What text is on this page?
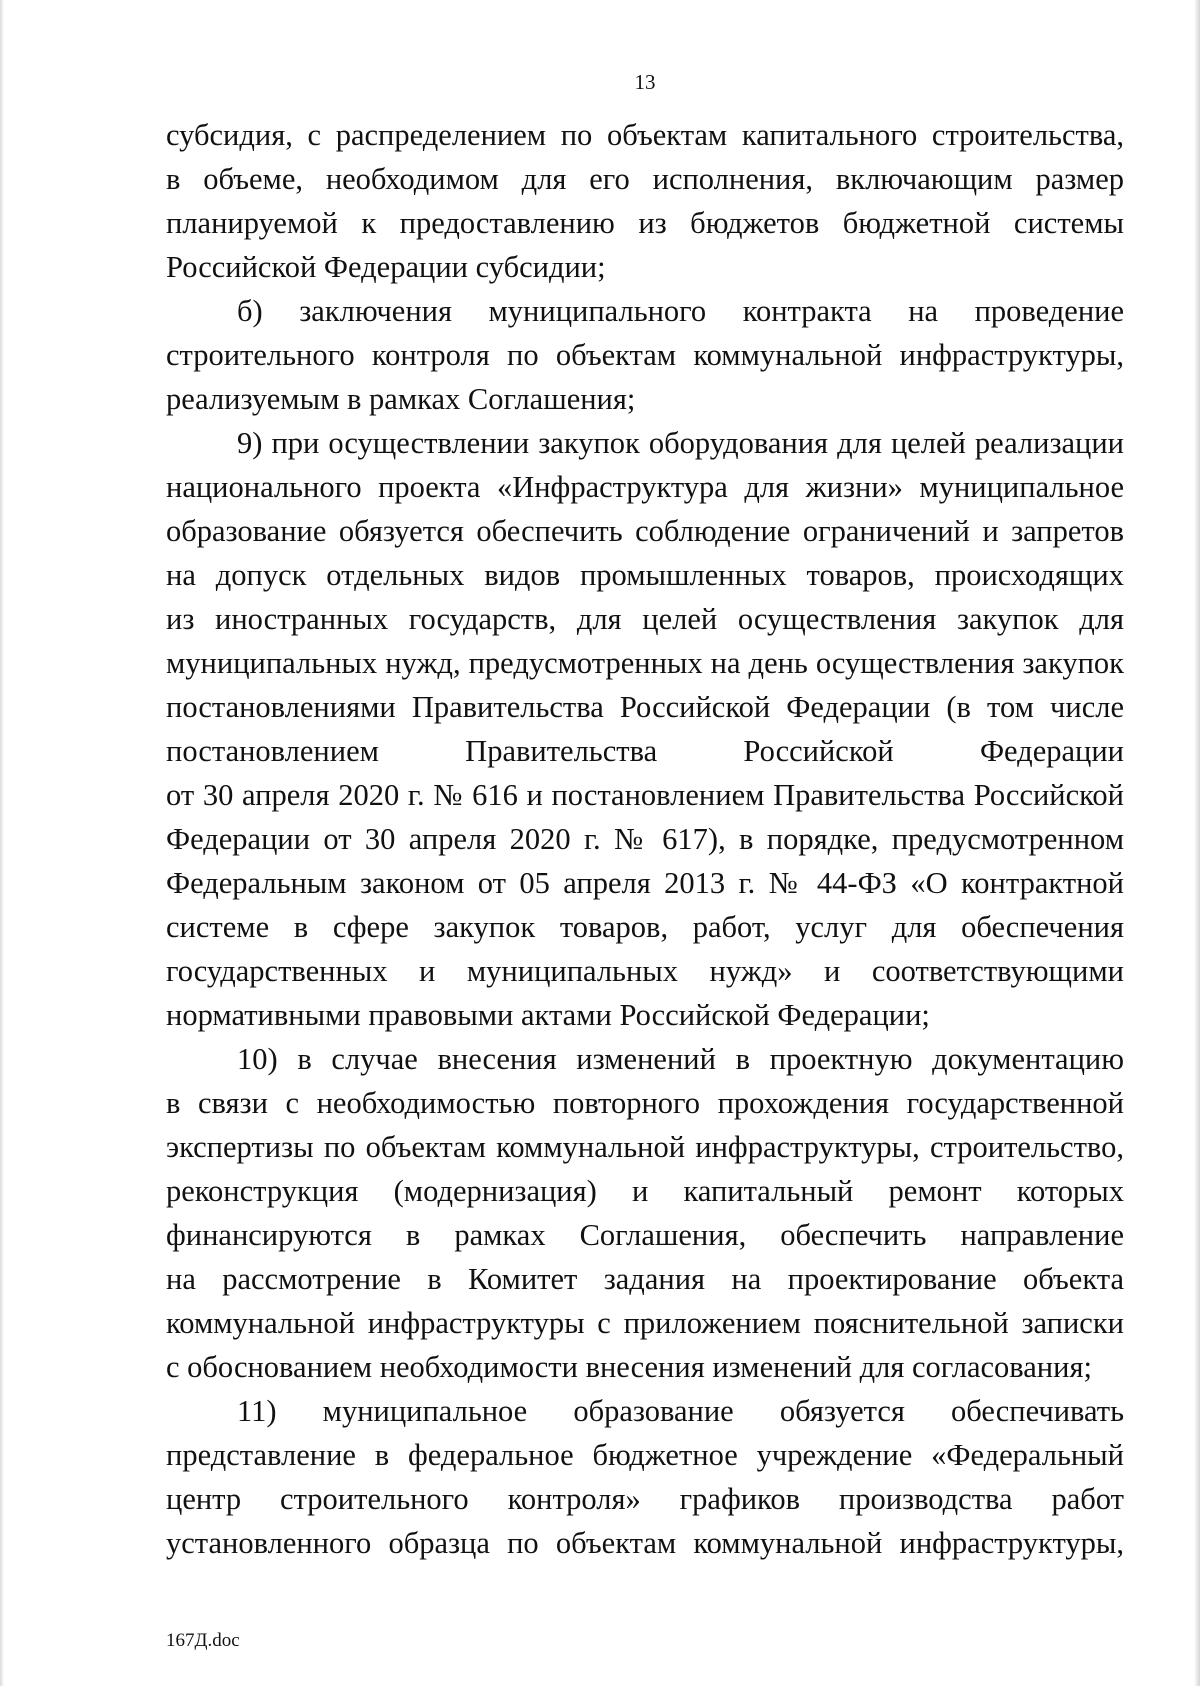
13
субсидия, с распределением по объектам капитального строительства,
в объеме, необходимом для его исполнения, включающим размер
планируемой к предоставлению из бюджетов бюджетной системы
Российской Федерации субсидии;
б) заключения муниципального контракта на проведение
строительного контроля по объектам коммунальной инфраструктуры,
реализуемым в рамках Соглашения;
9) при осуществлении закупок оборудования для целей реализации
национального проекта «Инфраструктура для жизни» муниципальное
образование обязуется обеспечить соблюдение ограничений и запретов
на допуск отдельных видов промышленных товаров, происходящих
из иностранных государств, для целей осуществления закупок для
муниципальных нужд, предусмотренных на день осуществления закупок
постановлениями Правительства Российской Федерации (в том числе
постановлением Правительства Российской Федерации
от 30 апреля 2020 г. № 616 и постановлением Правительства Российской
Федерации от 30 апреля 2020 г. № 617), в порядке, предусмотренном
Федеральным законом от 05 апреля 2013 г. № 44-ФЗ «О контрактной
системе в сфере закупок товаров, работ, услуг для обеспечения
государственных и муниципальных нужд» и соответствующими
нормативными правовыми актами Российской Федерации;
10) в случае внесения изменений в проектную документацию
в связи с необходимостью повторного прохождения государственной
экспертизы по объектам коммунальной инфраструктуры, строительство,
реконструкция (модернизация) и капитальный ремонт которых
финансируются в рамках Соглашения, обеспечить направление
на рассмотрение в Комитет задания на проектирование объекта
коммунальной инфраструктуры с приложением пояснительной записки
с обоснованием необходимости внесения изменений для согласования;
11) муниципальное образование обязуется обеспечивать
представление в федеральное бюджетное учреждение «Федеральный
центр строительного контроля» графиков производства работ
установленного образца по объектам коммунальной инфраструктуры,
167Д.doc
